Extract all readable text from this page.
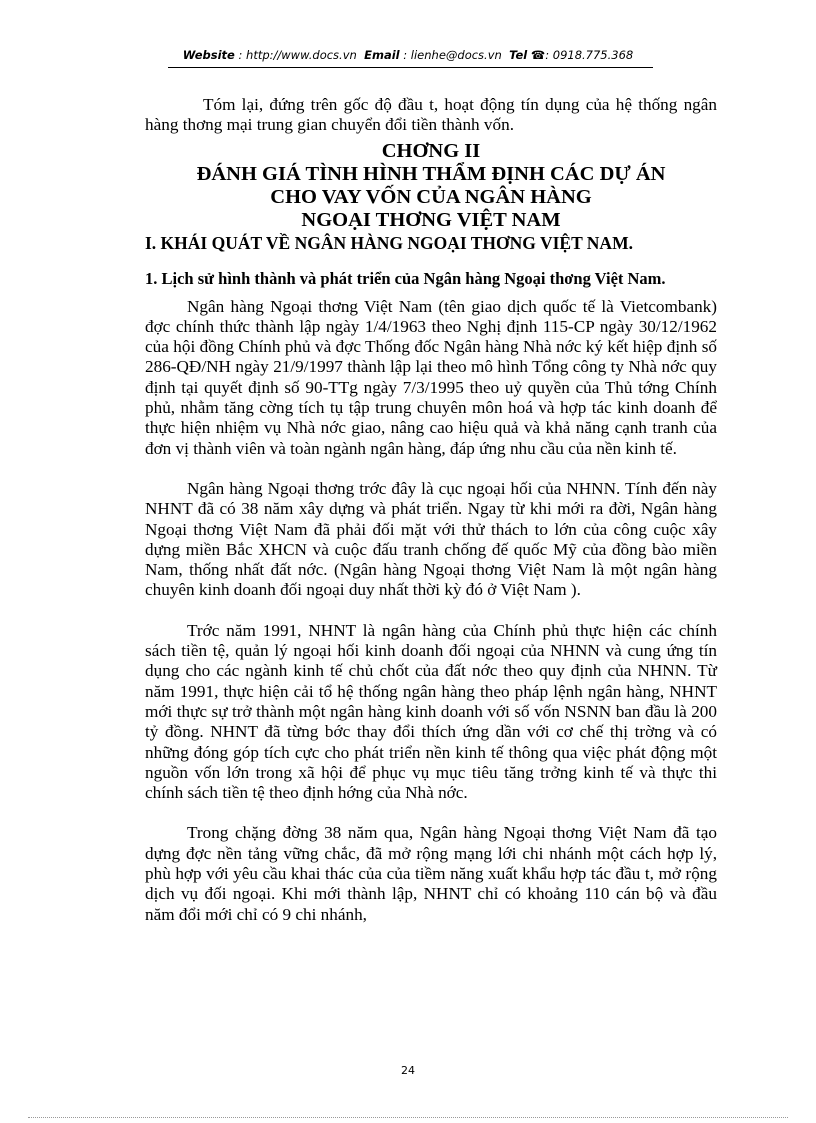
Website : http://www.docs.vn Email : lienhe@docs.vn Tel ☎: 0918.775.368

Tóm lại, đứng trên gốc độ đầu t, hoạt động tín dụng của hệ thống ngân hàng thơng mại trung gian chuyển đổi tiền thành vốn.

CHƠNG II
ĐÁNH GIÁ TÌNH HÌNH THẨM ĐỊNH CÁC DỰ ÁN
CHO VAY VỐN CỦA NGÂN HÀNG
NGOẠI THƠNG VIỆT NAM
I. KHÁI QUÁT VỀ NGÂN HÀNG NGOẠI THƠNG VIỆT NAM.
1. Lịch sử hình thành và phát triển của Ngân hàng Ngoại thơng Việt Nam.

Ngân hàng Ngoại thơng Việt Nam (tên giao dịch quốc tế là Vietcombank) đợc chính thức thành lập ngày 1/4/1963 theo Nghị định 115-CP ngày 30/12/1962 của hội đồng Chính phủ và đợc Thống đốc Ngân hàng Nhà nớc ký kết hiệp định số 286-QĐ/NH ngày 21/9/1997 thành lập lại theo mô hình Tổng công ty Nhà nớc quy định tại quyết định số 90-TTg ngày 7/3/1995 theo uỷ quyền của Thủ tớng Chính phủ, nhằm tăng cờng tích tụ tập trung chuyên môn hoá và hợp tác kinh doanh để thực hiện nhiệm vụ Nhà nớc giao, nâng cao hiệu quả và khả năng cạnh tranh của đơn vị thành viên và toàn ngành ngân hàng, đáp ứng nhu cầu của nền kinh tế.

Ngân hàng Ngoại thơng trớc đây là cục ngoại hối của NHNN. Tính đến này NHNT đã có 38 năm xây dựng và phát triển. Ngay từ khi mới ra đời, Ngân hàng Ngoại thơng Việt Nam đã phải đối mặt với thử thách to lớn của công cuộc xây dựng miền Bắc XHCN và cuộc đấu tranh chống đế quốc Mỹ của đồng bào miền Nam, thống nhất đất nớc. (Ngân hàng Ngoại thơng Việt Nam là một ngân hàng chuyên kinh doanh đối ngoại duy nhất thời kỳ đó ở Việt Nam ).

Trớc năm 1991, NHNT là ngân hàng của Chính phủ thực hiện các chính sách tiền tệ, quản lý ngoại hối kinh doanh đối ngoại của NHNN và cung ứng tín dụng cho các ngành kinh tế chủ chốt của đất nớc theo quy định của NHNN. Từ năm 1991, thực hiện cải tổ hệ thống ngân hàng theo pháp lệnh ngân hàng, NHNT mới thực sự trở thành một ngân hàng kinh doanh với số vốn NSNN ban đầu là 200 tỷ đồng. NHNT đã từng bớc thay đổi thích ứng dần với cơ chế thị trờng và có những đóng góp tích cực cho phát triển nền kinh tế thông qua việc phát động một nguồn vốn lớn trong xã hội để phục vụ mục tiêu tăng trởng kinh tế và thực thi chính sách tiền tệ theo định hớng của Nhà nớc.

Trong chặng đờng 38 năm qua, Ngân hàng Ngoại thơng Việt Nam đã tạo dựng đợc nền tảng vững chắc, đã mở rộng mạng lới chi nhánh một cách hợp lý, phù hợp với yêu cầu khai thác của của tiềm năng xuất khẩu hợp tác đầu t, mở rộng dịch vụ đối ngoại. Khi mới thành lập, NHNT chỉ có khoảng 110 cán bộ và đầu năm đổi mới chỉ có 9 chi nhánh,

24
